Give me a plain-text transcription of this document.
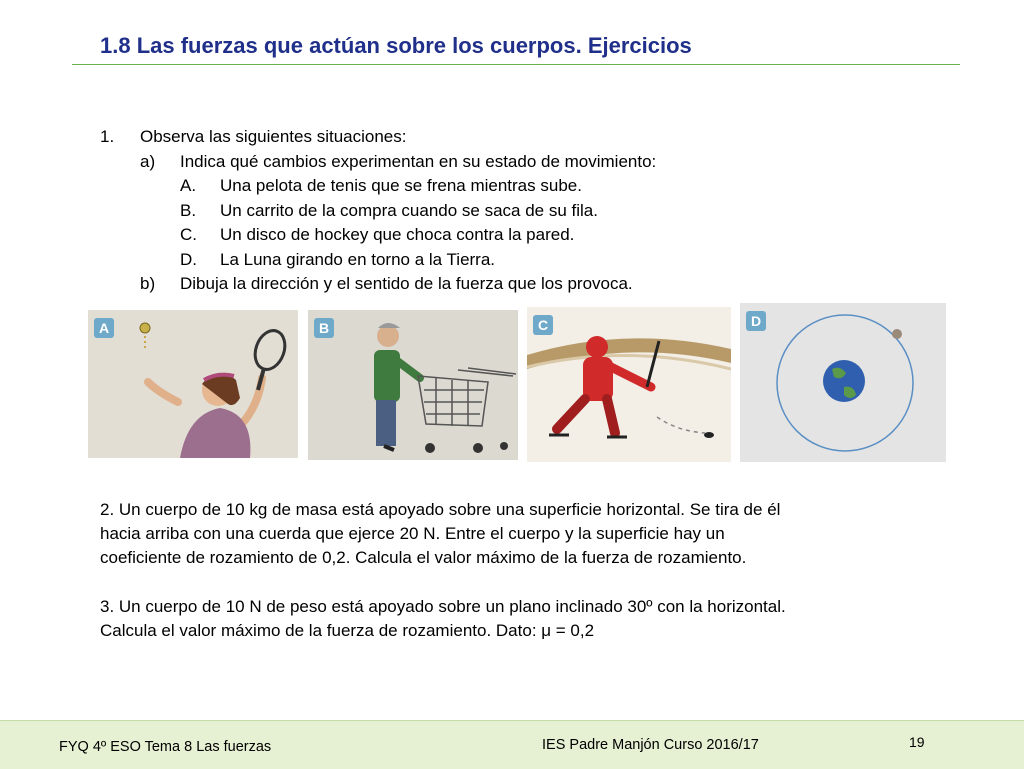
1.8 Las fuerzas que actúan sobre los cuerpos. Ejercicios
1. Observa las siguientes situaciones:
a) Indica qué cambios experimentan en su estado de movimiento:
A. Una pelota de tenis que se frena mientras sube.
B. Un carrito de la compra cuando se saca de su fila.
C. Un disco de hockey que choca contra la pared.
D. La Luna girando en torno a la Tierra.
b) Dibuja la dirección y el sentido de la fuerza que los provoca.
A	B	C	D
2. Un cuerpo de 10 kg de masa está apoyado sobre una superficie horizontal. Se tira de él
hacia arriba con una cuerda que ejerce 20 N. Entre el cuerpo y la superficie hay un
coeficiente de rozamiento de 0,2. Calcula el valor máximo de la fuerza de rozamiento.
3. Un cuerpo de 10 N de peso está apoyado sobre un plano inclinado 30º con la horizontal.
Calcula el valor máximo de la fuerza de rozamiento. Dato: μ = 0,2
FYQ 4º ESO Tema 8 Las fuerzas	IES Padre Manjón Curso 2016/17	19
